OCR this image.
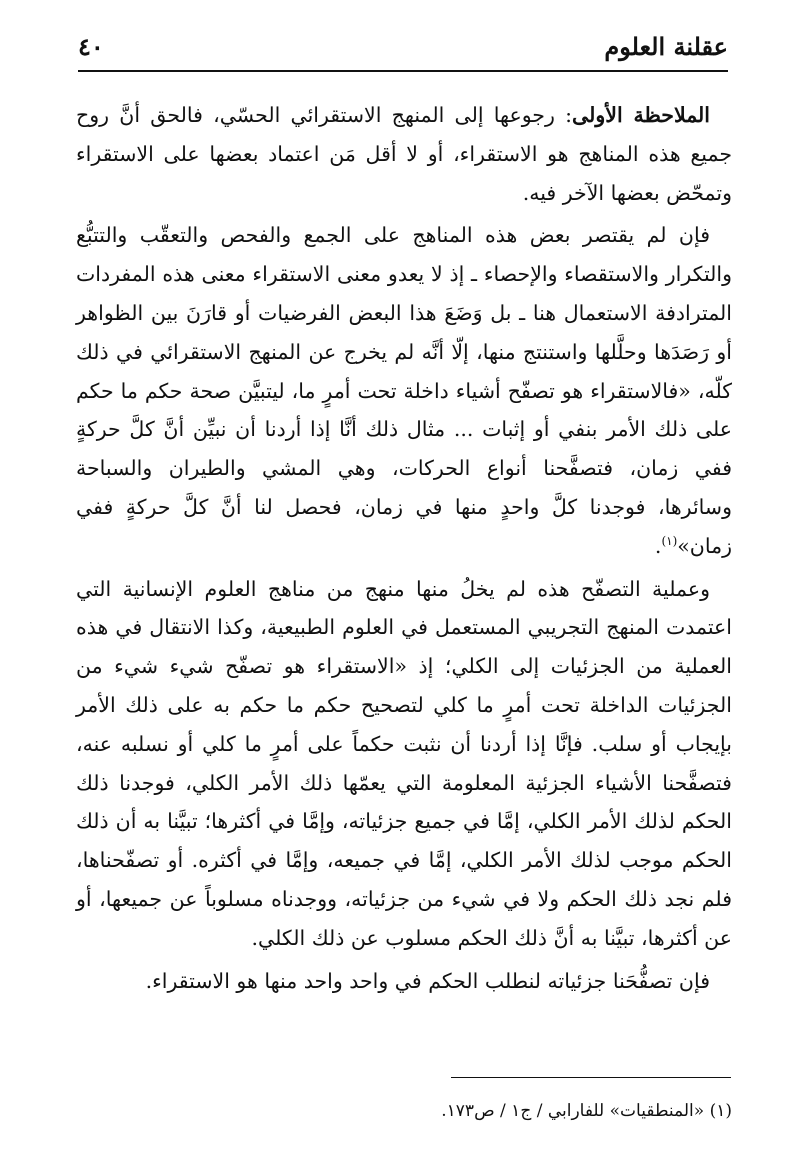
عقلنة العلوم
٤٠

الملاحظة الأولى: رجوعها إلى المنهج الاستقرائي الحسّي، فالحق أنَّ روح جميع هذه المناهج هو الاستقراء، أو لا أقل مَن اعتماد بعضها على الاستقراء وتمحّض بعضها الآخر فيه.

فإن لم يقتصر بعض هذه المناهج على الجمع والفحص والتعقّب والتتبُّع والتكرار والاستقصاء والإحصاء ـ إذ لا يعدو معنى الاستقراء معنى هذه المفردات المترادفة الاستعمال هنا ـ بل وَضَعَ هذا البعض الفرضيات أو قارَنَ بين الظواهر أو رَصَدَها وحلَّلها واستنتج منها، إلّا أنَّه لم يخرج عن المنهج الاستقرائي في ذلك كلّه، «فالاستقراء هو تصفّح أشياء داخلة تحت أمرٍ ما، ليتبيَّن صحة حكم ما حكم على ذلك الأمر بنفي أو إثبات ... مثال ذلك أنَّا إذا أردنا أن نبيِّن أنَّ كلَّ حركةٍ ففي زمان، فتصفَّحنا أنواع الحركات، وهي المشي والطيران والسباحة وسائرها، فوجدنا كلَّ واحدٍ منها في زمان، فحصل لنا أنَّ كلَّ حركةٍ ففي زمان»$^{(١)}$.

وعملية التصفّح هذه لم يخلُ منها منهج من مناهج العلوم الإنسانية التي اعتمدت المنهج التجريبي المستعمل في العلوم الطبيعية، وكذا الانتقال في هذه العملية من الجزئيات إلى الكلي؛ إذ «الاستقراء هو تصفّح شيء شيء من الجزئيات الداخلة تحت أمرٍ ما كلي لتصحيح حكم ما حكم به على ذلك الأمر بإيجاب أو سلب. فإنَّا إذا أردنا أن نثبت حكماً على أمرٍ ما كلي أو نسلبه عنه، فتصفَّحنا الأشياء الجزئية المعلومة التي يعمّها ذلك الأمر الكلي، فوجدنا ذلك الحكم لذلك الأمر الكلي، إمَّا في جميع جزئياته، وإمَّا في أكثرها؛ تبيَّنا به أن ذلك الحكم موجب لذلك الأمر الكلي، إمَّا في جميعه، وإمَّا في أكثره. أو تصفّحناها، فلم نجد ذلك الحكم ولا في شيء من جزئياته، ووجدناه مسلوباً عن جميعها، أو عن أكثرها، تبيَّنا به أنَّ ذلك الحكم مسلوب عن ذلك الكلي.

فإن تصفُّحَنا جزئياته لنطلب الحكم في واحد واحد منها هو الاستقراء.

(١) «المنطقيات» للفارابي / ج١ / ص١٧٣.
